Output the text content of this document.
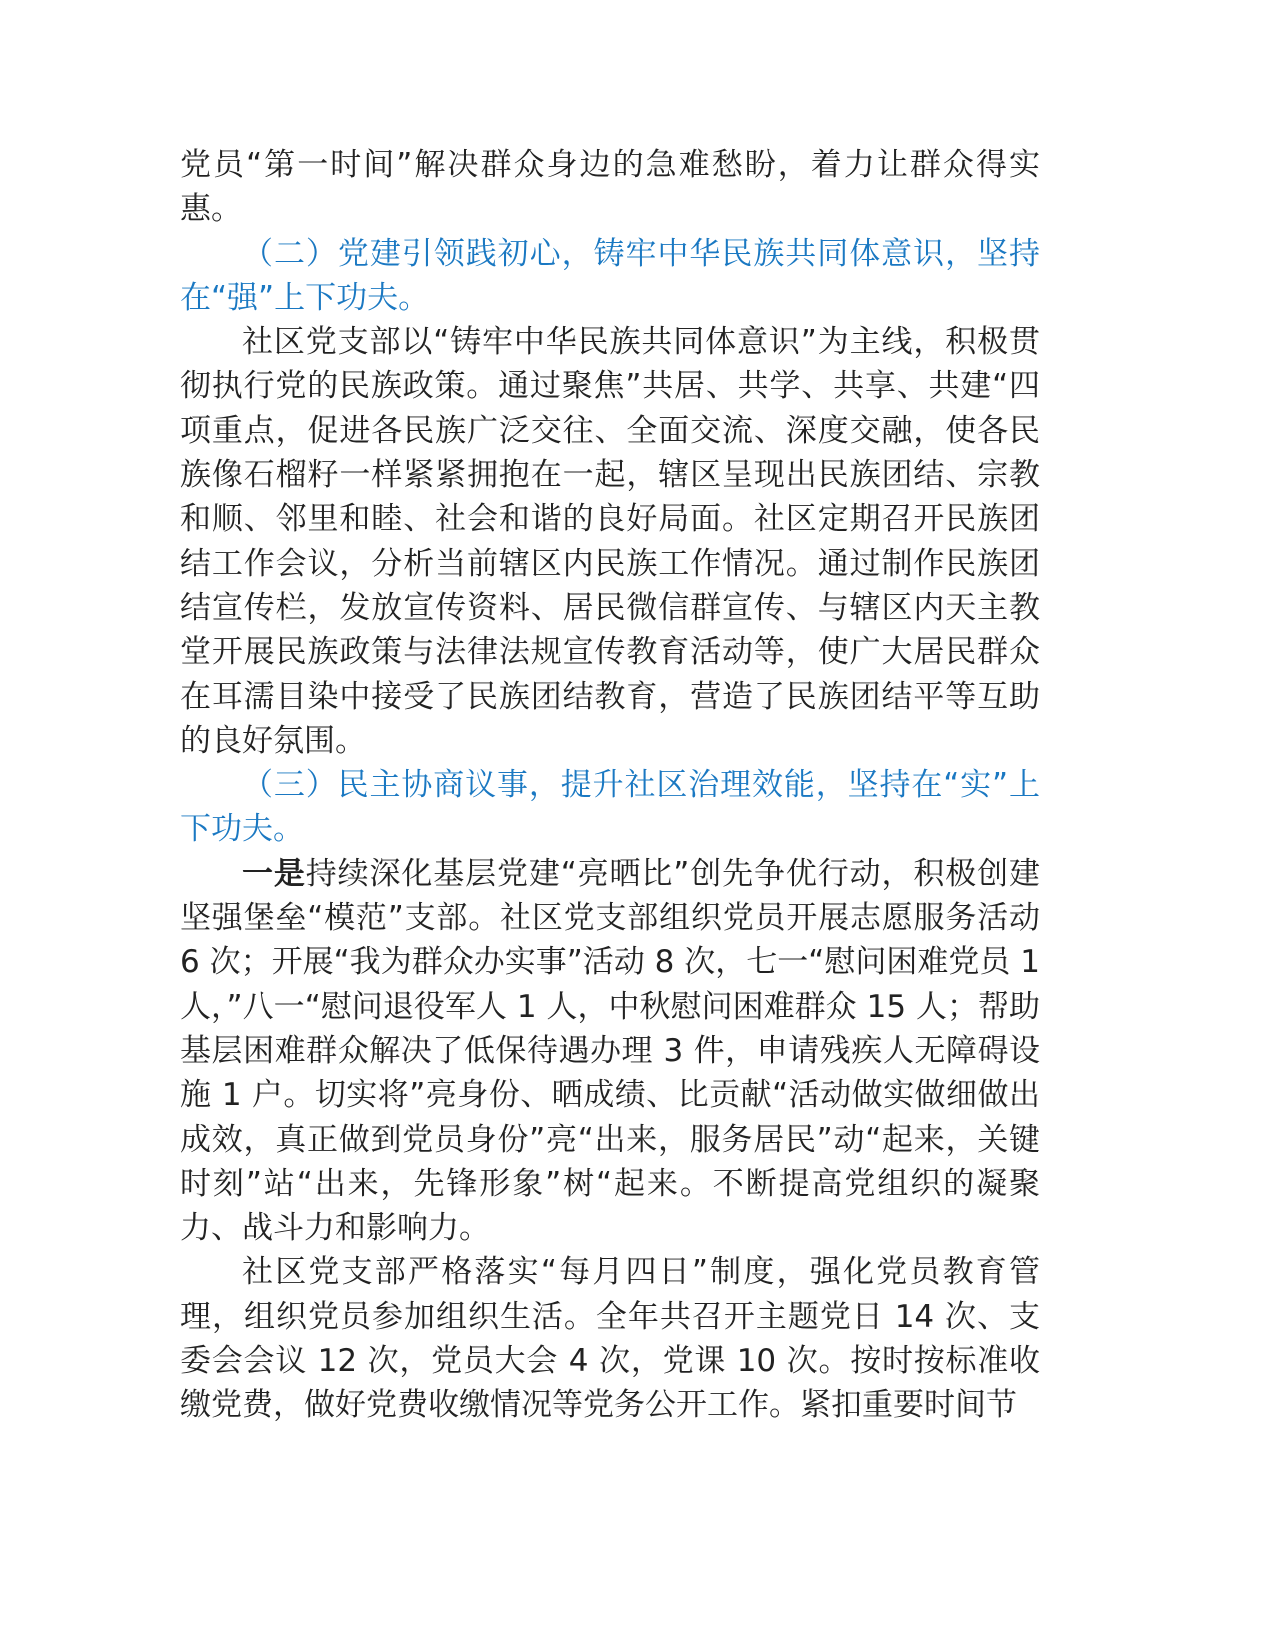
党员“第一时间”解决群众身边的急难愁盼，着力让群众得实惠。

（二）党建引领践初心，铸牢中华民族共同体意识，坚持在“强”上下功夫。

社区党支部以“铸牢中华民族共同体意识”为主线，积极贯彻执行党的民族政策。通过聚焦”共居、共学、共享、共建“四项重点，促进各民族广泛交往、全面交流、深度交融，使各民族像石榴籽一样紧紧拥抱在一起，辖区呈现出民族团结、宗教和顺、邻里和睦、社会和谐的良好局面。社区定期召开民族团结工作会议，分析当前辖区内民族工作情况。通过制作民族团结宣传栏，发放宣传资料、居民微信群宣传、与辖区内天主教堂开展民族政策与法律法规宣传教育活动等，使广大居民群众在耳濡目染中接受了民族团结教育，营造了民族团结平等互助的良好氛围。

（三）民主协商议事，提升社区治理效能，坚持在“实”上下功夫。

一是持续深化基层党建“亮晒比”创先争优行动，积极创建坚强堡垒“模范”支部。社区党支部组织党员开展志愿服务活动 6 次；开展“我为群众办实事”活动 8 次，七一“慰问困难党员 1 人，”八一“慰问退役军人 1 人，中秋慰问困难群众 15 人；帮助基层困难群众解决了低保待遇办理 3 件，申请残疾人无障碍设施 1 户。切实将”亮身份、晒成绩、比贡献“活动做实做细做出成效，真正做到党员身份”亮“出来，服务居民”动“起来，关键时刻”站“出来，先锋形象”树“起来。不断提高党组织的凝聚力、战斗力和影响力。

社区党支部严格落实“每月四日”制度，强化党员教育管理，组织党员参加组织生活。全年共召开主题党日 14 次、支委会会议 12 次，党员大会 4 次，党课 10 次。按时按标准收缴党费，做好党费收缴情况等党务公开工作。紧扣重要时间节
